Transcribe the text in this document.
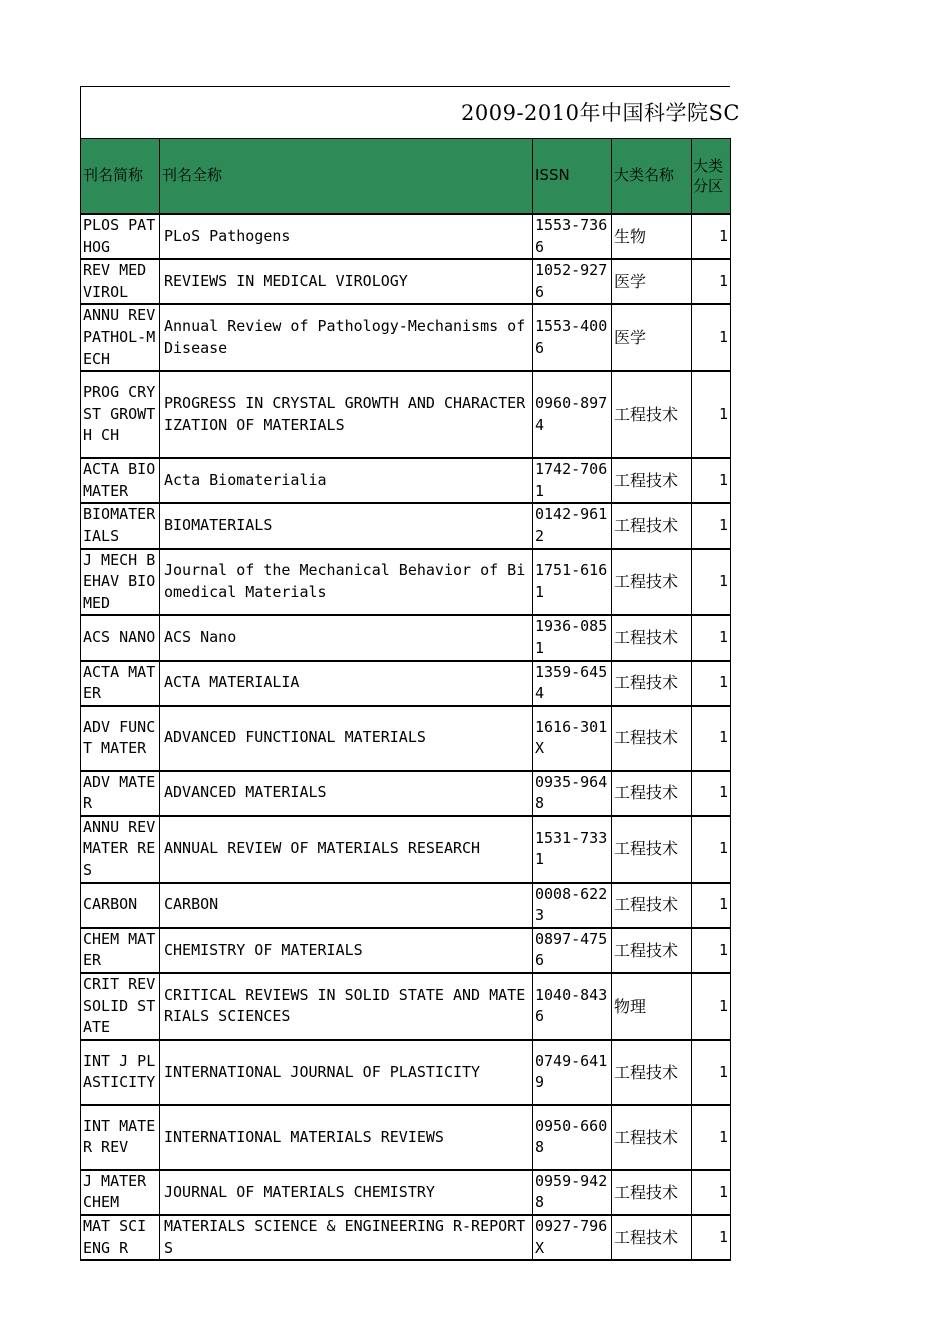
2009-2010年中国科学院SC
刊名简称	刊名全称	ISSN	大类名称	大类分区
PLOS PATHOG	PLoS Pathogens	1553-7366	生物	1
REV MED VIROL	REVIEWS IN MEDICAL VIROLOGY	1052-9276	医学	1
ANNU REV PATHOL-MECH	Annual Review of Pathology-Mechanisms of Disease	1553-4006	医学	1
PROG CRYST GROWTH CH	PROGRESS IN CRYSTAL GROWTH AND CHARACTERIZATION OF MATERIALS	0960-8974	工程技术	1
ACTA BIOMATER	Acta Biomaterialia	1742-7061	工程技术	1
BIOMATERIALS	BIOMATERIALS	0142-9612	工程技术	1
J MECH BEHAV BIOMED	Journal of the Mechanical Behavior of Biomedical Materials	1751-6161	工程技术	1
ACS NANO	ACS Nano	1936-0851	工程技术	1
ACTA MATER	ACTA MATERIALIA	1359-6454	工程技术	1
ADV FUNCT MATER	ADVANCED FUNCTIONAL MATERIALS	1616-301X	工程技术	1
ADV MATER	ADVANCED MATERIALS	0935-9648	工程技术	1
ANNU REV MATER RES	ANNUAL REVIEW OF MATERIALS RESEARCH	1531-7331	工程技术	1
CARBON	CARBON	0008-6223	工程技术	1
CHEM MATER	CHEMISTRY OF MATERIALS	0897-4756	工程技术	1
CRIT REV SOLID STATE	CRITICAL REVIEWS IN SOLID STATE AND MATERIALS SCIENCES	1040-8436	物理	1
INT J PLASTICITY	INTERNATIONAL JOURNAL OF PLASTICITY	0749-6419	工程技术	1
INT MATER REV	INTERNATIONAL MATERIALS REVIEWS	0950-6608	工程技术	1
J MATER CHEM	JOURNAL OF MATERIALS CHEMISTRY	0959-9428	工程技术	1
MAT SCI ENG R	MATERIALS SCIENCE & ENGINEERING R-REPORTS	0927-796X	工程技术	1
